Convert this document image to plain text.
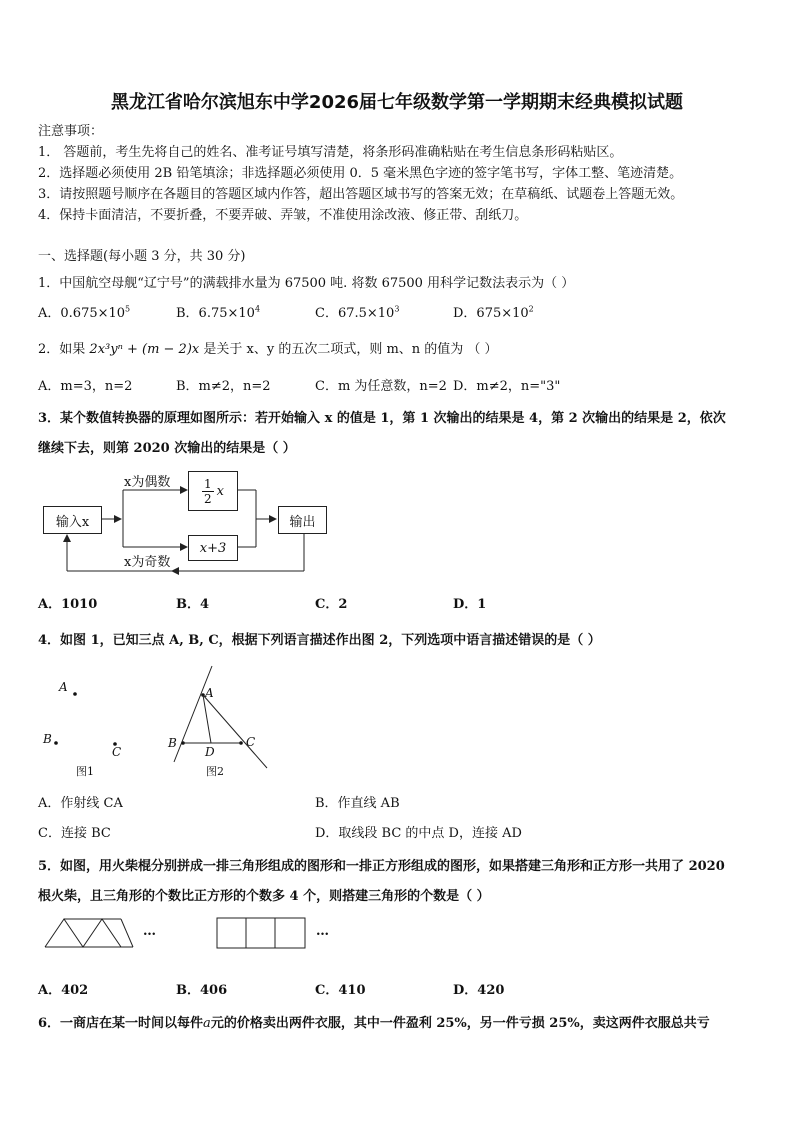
黑龙江省哈尔滨旭东中学2026届七年级数学第一学期期末经典模拟试题
注意事项：
1． 答题前，考生先将自己的姓名、准考证号填写清楚，将条形码准确粘贴在考生信息条形码粘贴区。
2．选择题必须使用 2B 铅笔填涂；非选择题必须使用 0．5 毫米黑色字迹的签字笔书写，字体工整、笔迹清楚。
3．请按照题号顺序在各题目的答题区域内作答，超出答题区域书写的答案无效；在草稿纸、试题卷上答题无效。
4．保持卡面清洁，不要折叠，不要弄破、弄皱，不准使用涂改液、修正带、刮纸刀。
一、选择题(每小题 3 分，共 30 分)
1．中国航空母舰“辽宁号”的满载排水量为 67500 吨. 将数 67500 用科学记数法表示为（ ）
A．$0.675\times 10^5$	B．$6.75\times 10^4$	C．$67.5\times 10^3$	D．$675\times 10^2$
2．如果 2x³yⁿ + (m − 2)x 是关于 x、y 的五次二项式，则 m、n 的值为 （ ）
A．m=3，n=2	B．m≠2，n=2	C．m 为任意数，n=2 D．m≠2，n="3"
3．某个数值转换器的原理如图所示：若开始输入 x 的值是 1，第 1 次输出的结果是 4，第 2 次输出的结果是 2，依次
继续下去，则第 2020 次输出的结果是（ ）
输入x
x为偶数
x为奇数
$\frac{1}{2}$ x
x+3
输出
A．1010	B．4	C．2	D．1
4．如图 1，已知三点 A, B, C，根据下列语言描述作出图 2，下列选项中语言描述错误的是（ ）
A
B
C
图1
A
B	C
D
图2
A．作射线 CA	B．作直线 AB
C．连接 BC	D．取线段 BC 的中点 D，连接 AD
5．如图，用火柴棍分别拼成一排三角形组成的图形和一排正方形组成的图形，如果搭建三角形和正方形一共用了 2020
根火柴，且三角形的个数比正方形的个数多 4 个，则搭建三角形的个数是（ ）
…	…
A．402	B．406	C．410	D．420
6．一商店在某一时间以每件a元的价格卖出两件衣服，其中一件盈利 25%，另一件亏损 25%，卖这两件衣服总共亏
